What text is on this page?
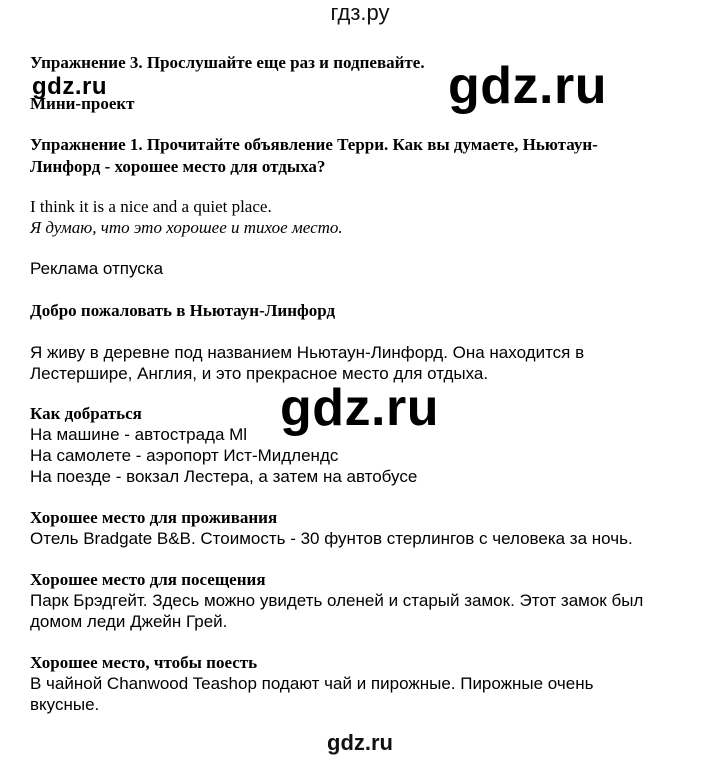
гдз.ру
Упражнение 3. Прослушайте еще раз и подпевайте.
gdz.ru
Мини-проект	gdz.ru
Упражнение 1. Прочитайте объявление Терри. Как вы думаете, Ньютаун-
Линфорд - хорошее место для отдыха?
I think it is a nice and a quiet place.
Я думаю, что это хорошее и тихое место.
Реклама отпуска
Добро пожаловать в Ньютаун-Линфорд
Я живу в деревне под названием Ньютаун-Линфорд. Она находится в
Лестершире, Англия, и это прекрасное место для отдыха.
Как добраться	gdz.ru
На машине - автострада Ml
На самолете - аэропорт Ист-Мидлендс
На поезде - вокзал Лестера, а затем на автобусе
Хорошее место для проживания
Отель Bradgate B&B. Стоимость - 30 фунтов стерлингов с человека за ночь.
Хорошее место для посещения
Парк Брэдгейт. Здесь можно увидеть оленей и старый замок. Этот замок был
домом леди Джейн Грей.
Хорошее место, чтобы поесть
В чайной Chanwood Teashop подают чай и пирожные. Пирожные очень
вкусные.
gdz.ru
